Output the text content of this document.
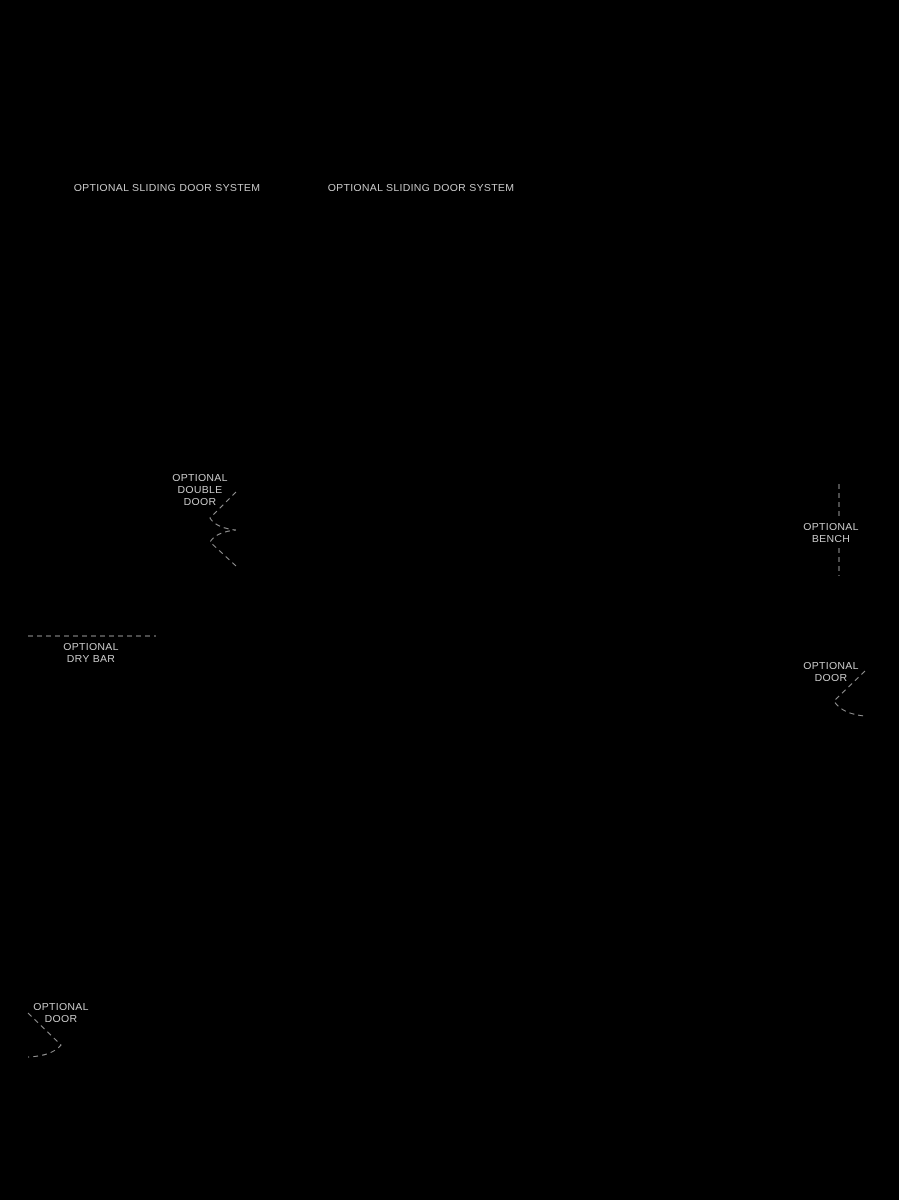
OPTIONAL SLIDING DOOR SYSTEM	OPTIONAL SLIDING DOOR SYSTEM
OPTIONAL
DOUBLE
DOOR
OPTIONAL
BENCH
OPTIONAL
DRY BAR
OPTIONAL
DOOR
OPTIONAL
DOOR
